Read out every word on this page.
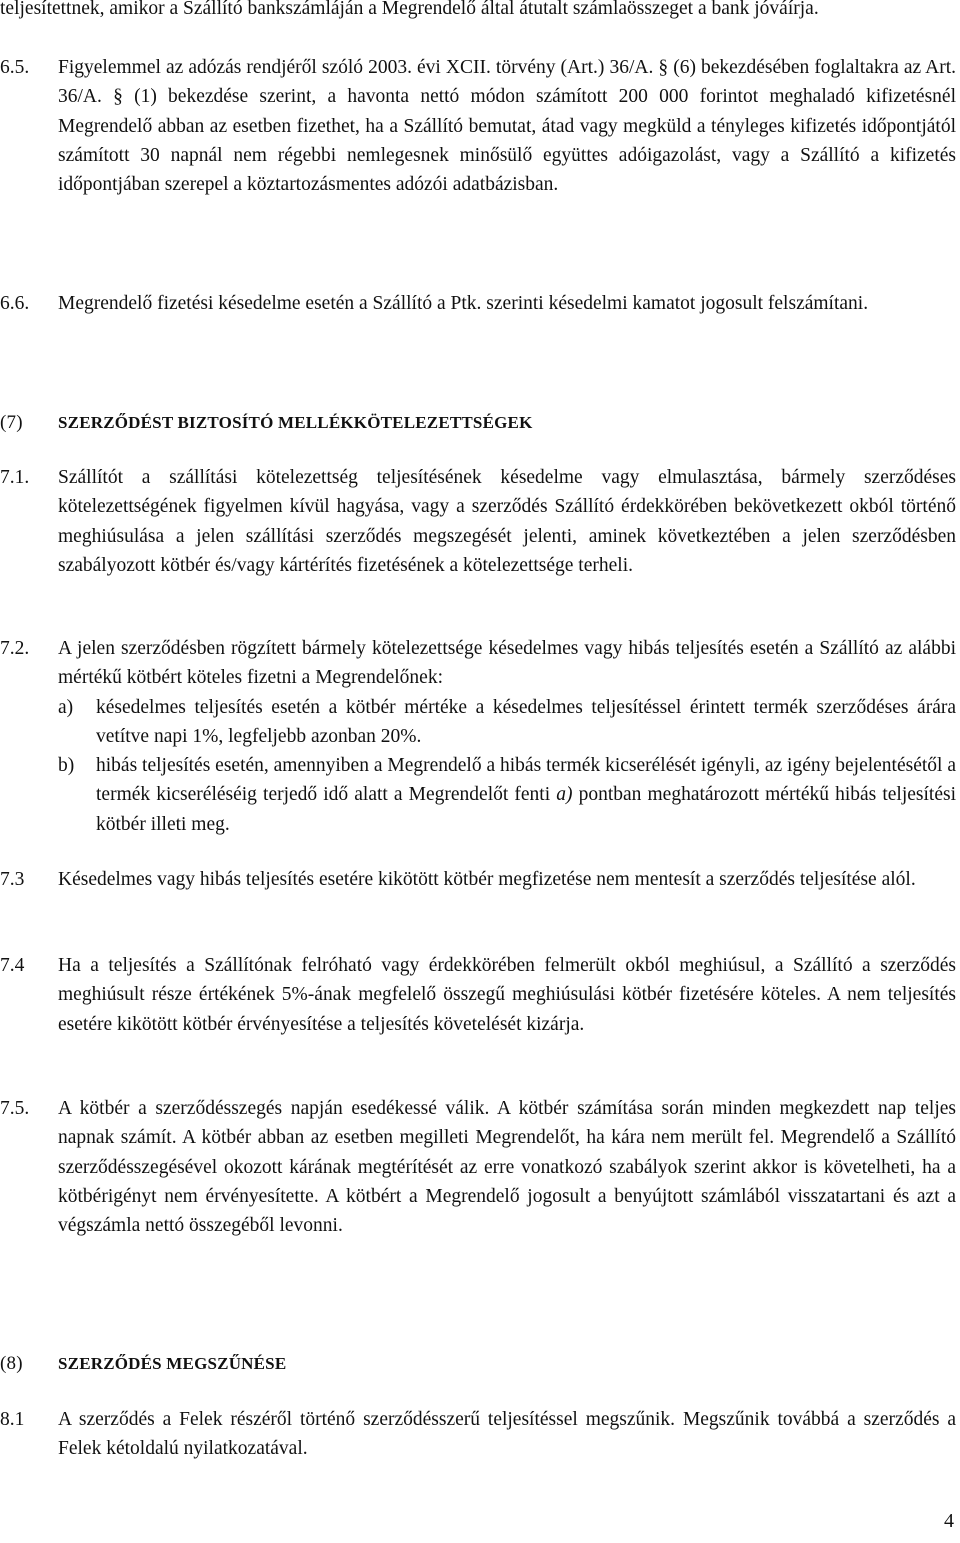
teljesítettnek, amikor a Szállító bankszámláján a Megrendelő által átutalt számlaösszeget a bank jóváírja.
6.5. Figyelemmel az adózás rendjéről szóló 2003. évi XCII. törvény (Art.) 36/A. § (6) bekezdésében foglaltakra az Art. 36/A. § (1) bekezdése szerint, a havonta nettó módon számított 200 000 forintot meghaladó kifizetésnél Megrendelő abban az esetben fizethet, ha a Szállító bemutat, átad vagy megküld a tényleges kifizetés időpontjától számított 30 napnál nem régebbi nemlegesnek minősülő együttes adóigazolást, vagy a Szállító a kifizetés időpontjában szerepel a köztartozásmentes adózói adatbázisban.
6.6. Megrendelő fizetési késedelme esetén a Szállító a Ptk. szerinti késedelmi kamatot jogosult felszámítani.
(7) SZERZŐDÉST BIZTOSÍTÓ MELLÉKKÖTELEZETTSÉGEK
7.1. Szállítót a szállítási kötelezettség teljesítésének késedelme vagy elmulasztása, bármely szerződéses kötelezettségének figyelmen kívül hagyása, vagy a szerződés Szállító érdekkörében bekövetkezett okból történő meghiúsulása a jelen szállítási szerződés megszegését jelenti, aminek következtében a jelen szerződésben szabályozott kötbér és/vagy kártérítés fizetésének a kötelezettsége terheli.
7.2. A jelen szerződésben rögzített bármely kötelezettsége késedelmes vagy hibás teljesítés esetén a Szállító az alábbi mértékű kötbért köteles fizetni a Megrendelőnek:
a) késedelmes teljesítés esetén a kötbér mértéke a késedelmes teljesítéssel érintett termék szerződéses árára vetítve napi 1%, legfeljebb azonban 20%.
b) hibás teljesítés esetén, amennyiben a Megrendelő a hibás termék kicserélését igényli, az igény bejelentésétől a termék kicseréléséig terjedő idő alatt a Megrendelőt fenti a) pontban meghatározott mértékű hibás teljesítési kötbér illeti meg.
7.3 Késedelmes vagy hibás teljesítés esetére kikötött kötbér megfizetése nem mentesít a szerződés teljesítése alól.
7.4 Ha a teljesítés a Szállítónak felróható vagy érdekkörében felmerült okból meghiúsul, a Szállító a szerződés meghiúsult része értékének 5%-ának megfelelő összegű meghiúsulási kötbér fizetésére köteles. A nem teljesítés esetére kikötött kötbér érvényesítése a teljesítés követelését kizárja.
7.5. A kötbér a szerződésszegés napján esedékessé válik. A kötbér számítása során minden megkezdett nap teljes napnak számít. A kötbér abban az esetben megilleti Megrendelőt, ha kára nem merült fel. Megrendelő a Szállító szerződésszegésével okozott kárának megtérítését az erre vonatkozó szabályok szerint akkor is követelheti, ha a kötbérigényt nem érvényesítette. A kötbért a Megrendelő jogosult a benyújtott számlából visszatartani és azt a végszámla nettó összegéből levonni.
(8) SZERZŐDÉS MEGSZŰNÉSE
8.1 A szerződés a Felek részéről történő szerződésszerű teljesítéssel megszűnik. Megszűnik továbbá a szerződés a Felek kétoldalú nyilatkozatával.
4
